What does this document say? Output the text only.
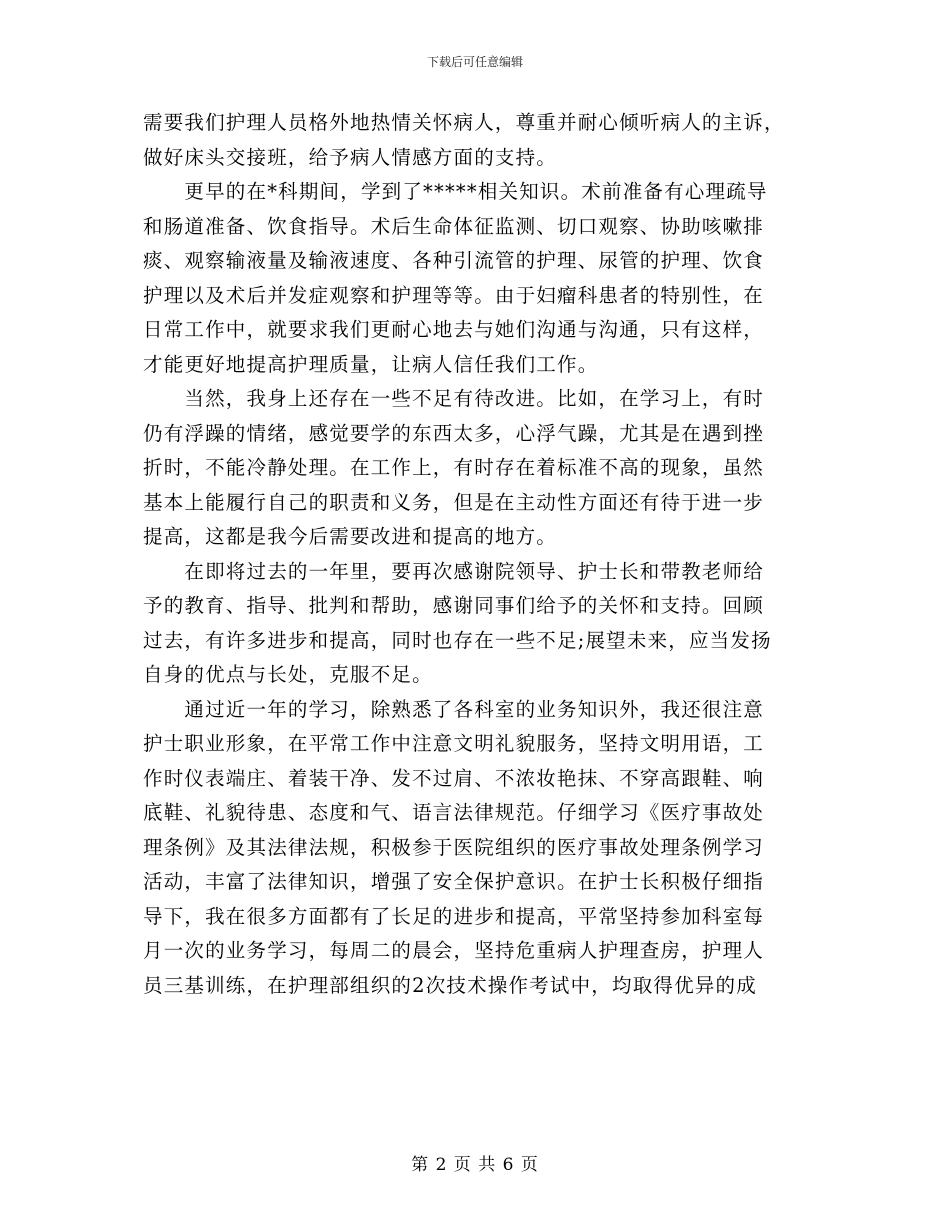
下载后可任意编辑

需要我们护理人员格外地热情关怀病人，尊重并耐心倾听病人的主诉，
做好床头交接班，给予病人情感方面的支持。

　　更早的在*科期间，学到了*****相关知识。术前准备有心理疏导
和肠道准备、饮食指导。术后生命体征监测、切口观察、协助咳嗽排
痰、观察输液量及输液速度、各种引流管的护理、尿管的护理、饮食
护理以及术后并发症观察和护理等等。由于妇瘤科患者的特别性，在
日常工作中，就要求我们更耐心地去与她们沟通与沟通，只有这样，
才能更好地提高护理质量，让病人信任我们工作。

　　当然，我身上还存在一些不足有待改进。比如，在学习上，有时
仍有浮躁的情绪，感觉要学的东西太多，心浮气躁，尤其是在遇到挫
折时，不能冷静处理。在工作上，有时存在着标准不高的现象，虽然
基本上能履行自己的职责和义务，但是在主动性方面还有待于进一步
提高，这都是我今后需要改进和提高的地方。

　　在即将过去的一年里，要再次感谢院领导、护士长和带教老师给
予的教育、指导、批判和帮助，感谢同事们给予的关怀和支持。回顾
过去，有许多进步和提高，同时也存在一些不足;展望未来，应当发扬
自身的优点与长处，克服不足。

　　通过近一年的学习，除熟悉了各科室的业务知识外，我还很注意
护士职业形象，在平常工作中注意文明礼貌服务，坚持文明用语，工
作时仪表端庄、着装干净、发不过肩、不浓妆艳抹、不穿高跟鞋、响
底鞋、礼貌待患、态度和气、语言法律规范。仔细学习《医疗事故处
理条例》及其法律法规，积极参于医院组织的医疗事故处理条例学习
活动，丰富了法律知识，增强了安全保护意识。在护士长积极仔细指
导下，我在很多方面都有了长足的进步和提高，平常坚持参加科室每
月一次的业务学习，每周二的晨会，坚持危重病人护理查房，护理人
员三基训练，在护理部组织的2次技术操作考试中，均取得优异的成

第 2 页 共 6 页
